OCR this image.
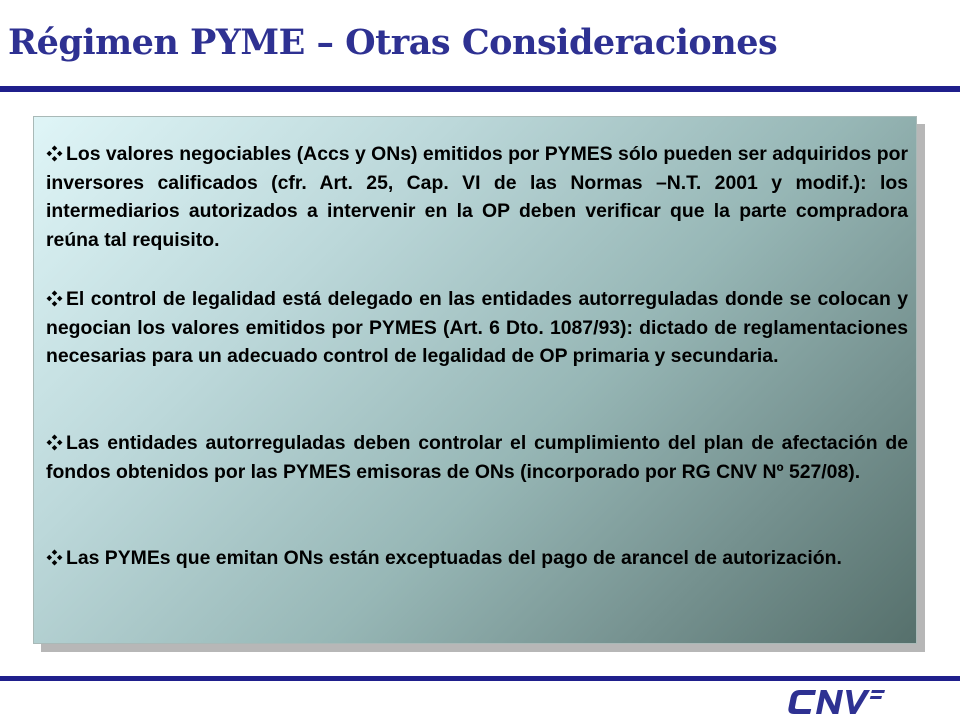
Régimen PYME – Otras Consideraciones

Los valores negociables (Accs y ONs) emitidos por PYMES sólo pueden ser adquiridos por inversores calificados (cfr. Art. 25, Cap. VI de las Normas –N.T. 2001 y modif.): los intermediarios autorizados a intervenir en la OP deben verificar que la parte compradora reúna tal requisito.

El control de legalidad está delegado en las entidades autorreguladas donde se colocan y negocian los valores emitidos por PYMES (Art. 6 Dto. 1087/93): dictado de reglamentaciones necesarias para un adecuado control de legalidad de OP primaria y secundaria.

Las entidades autorreguladas deben controlar el cumplimiento del plan de afectación de fondos obtenidos por las PYMES emisoras de ONs (incorporado por RG CNV Nº 527/08).

Las PYMEs que emitan ONs están exceptuadas del pago de arancel de autorización.

CNV
